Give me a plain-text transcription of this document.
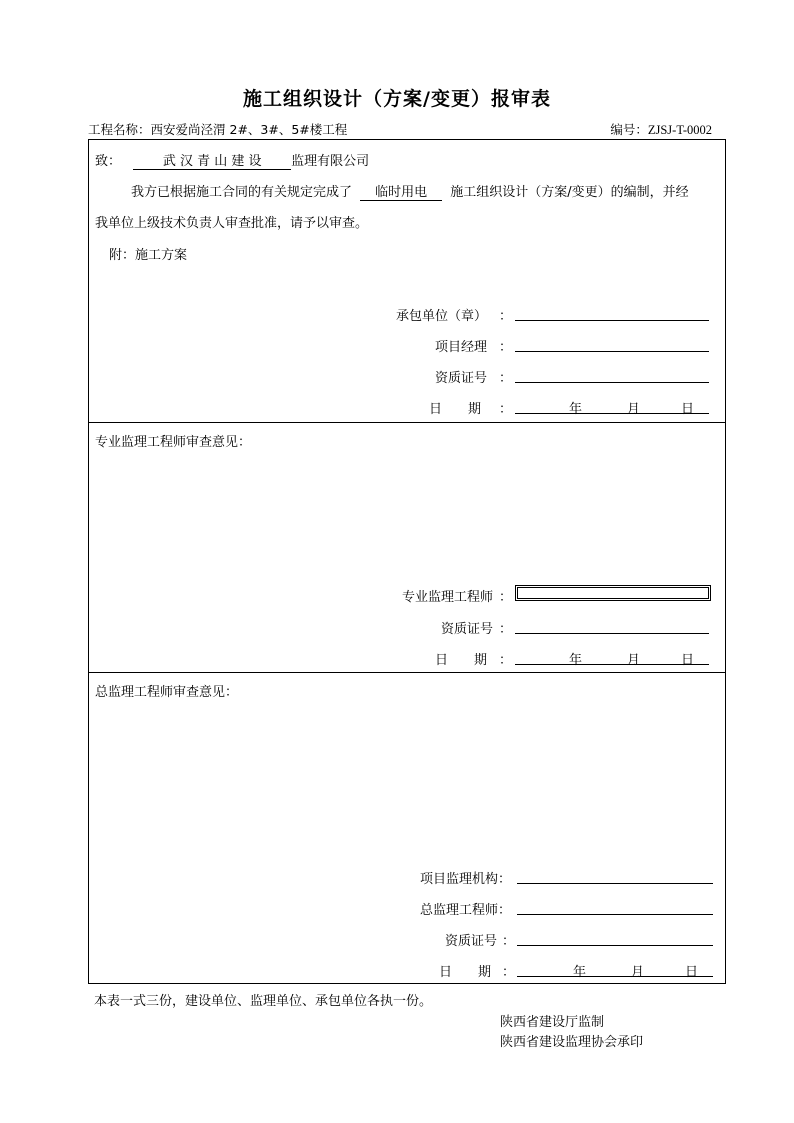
施工组织设计（方案/变更）报审表
工程名称：西安爱尚泾渭 2#、3#、5#楼工程	编号：ZJSJ-T-0002
致：	武 汉 青 山 建 设 监理有限公司
我方已根据施工合同的有关规定完成了 临时用电 施工组织设计（方案/变更）的编制，并经
我单位上级技术负责人审查批准，请予以审查。
附：施工方案
承包单位（章） ：
项目经理 ：
资质证号 ：
日　　期 ：	年	月	日
专业监理工程师审查意见：
专业监理工程师 ：
资质证号 ：
日　　期 ：	年	月	日
总监理工程师审查意见：
项目监理机构：
总监理工程师：
资质证号 ：
日　　期 ：	年	月	日
本表一式三份，建设单位、监理单位、承包单位各执一份。
陕西省建设厅监制
陕西省建设监理协会承印
